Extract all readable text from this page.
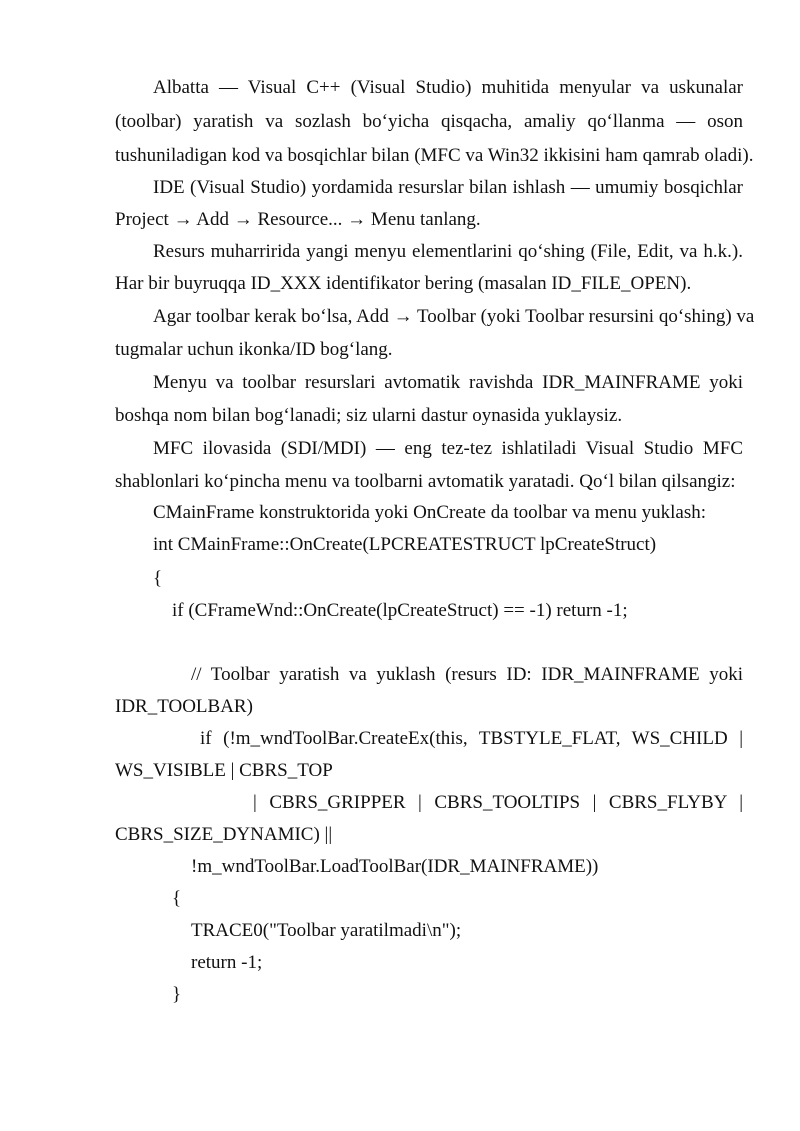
Albatta — Visual C++ (Visual Studio) muhitida menyular va uskunalar
(toolbar) yaratish va sozlash bo‘yicha qisqacha, amaliy qo‘llanma — oson
tushuniladigan kod va bosqichlar bilan (MFC va Win32 ikkisini ham qamrab oladi).
IDE (Visual Studio) yordamida resurslar bilan ishlash — umumiy bosqichlar
Project → Add → Resource... → Menu tanlang.
Resurs muharririda yangi menyu elementlarini qo‘shing (File, Edit, va h.k.).
Har bir buyruqqa ID_XXX identifikator bering (masalan ID_FILE_OPEN).
Agar toolbar kerak bo‘lsa, Add → Toolbar (yoki Toolbar resursini qo‘shing) va
tugmalar uchun ikonka/ID bog‘lang.
Menyu va toolbar resurslari avtomatik ravishda IDR_MAINFRAME yoki
boshqa nom bilan bog‘lanadi; siz ularni dastur oynasida yuklaysiz.
MFC ilovasida (SDI/MDI) — eng tez-tez ishlatiladi Visual Studio MFC
shablonlari ko‘pincha menu va toolbarni avtomatik yaratadi. Qo‘l bilan qilsangiz:
CMainFrame konstruktorida yoki OnCreate da toolbar va menu yuklash:
int CMainFrame::OnCreate(LPCREATESTRUCT lpCreateStruct)
{
if (CFrameWnd::OnCreate(lpCreateStruct) == -1) return -1;
// Toolbar yaratish va yuklash (resurs ID: IDR_MAINFRAME yoki
IDR_TOOLBAR)
if (!m_wndToolBar.CreateEx(this, TBSTYLE_FLAT, WS_CHILD |
WS_VISIBLE | CBRS_TOP
| CBRS_GRIPPER | CBRS_TOOLTIPS | CBRS_FLYBY |
CBRS_SIZE_DYNAMIC) ||
!m_wndToolBar.LoadToolBar(IDR_MAINFRAME))
{
TRACE0("Toolbar yaratilmadi\n");
return -1;
}
